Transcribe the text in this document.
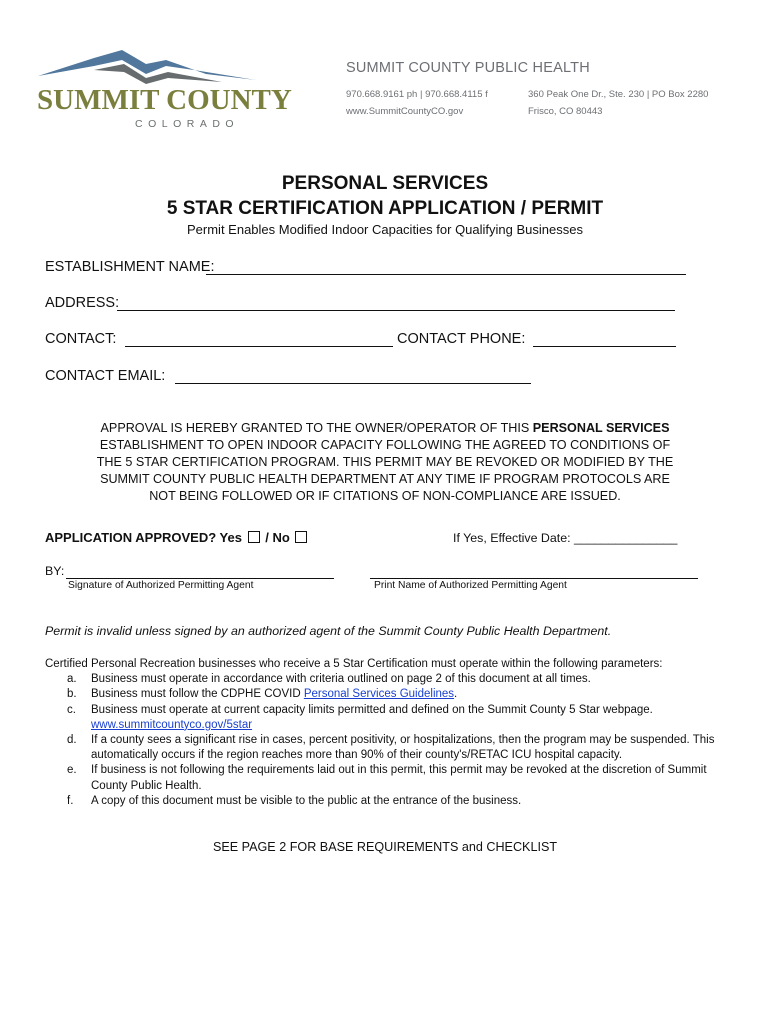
SUMMIT COUNTY
COLORADO
SUMMIT COUNTY PUBLIC HEALTH
970.668.9161 ph | 970.668.4115 f	360 Peak One Dr., Ste. 230 | PO Box 2280
www.SummitCountyCO.gov	Frisco, CO 80443
PERSONAL SERVICES
5 STAR CERTIFICATION APPLICATION / PERMIT
Permit Enables Modified Indoor Capacities for Qualifying Businesses
ESTABLISHMENT NAME:
ADDRESS:
CONTACT:	CONTACT PHONE:
CONTACT EMAIL:

APPROVAL IS HEREBY GRANTED TO THE OWNER/OPERATOR OF THIS PERSONAL SERVICES

ESTABLISHMENT TO OPEN INDOOR CAPACITY FOLLOWING THE AGREED TO CONDITIONS OF

THE 5 STAR CERTIFICATION PROGRAM. THIS PERMIT MAY BE REVOKED OR MODIFIED BY THE

SUMMIT COUNTY PUBLIC HEALTH DEPARTMENT AT ANY TIME IF PROGRAM PROTOCOLS ARE

NOT BEING FOLLOWED OR IF CITATIONS OF NON-COMPLIANCE ARE ISSUED.

APPLICATION APPROVED? Yes / No	If Yes, Effective Date: _______________
BY:
Signature of Authorized Permitting Agent	Print Name of Authorized Permitting Agent
Permit is invalid unless signed by an authorized agent of the Summit County Public Health Department.
Certified Personal Recreation businesses who receive a 5 Star Certification must operate within the following parameters:
a. Business must operate in accordance with criteria outlined on page 2 of this document at all times.
b. Business must follow the CDPHE COVID Personal Services Guidelines.
c. Business must operate at current capacity limits permitted and defined on the Summit County 5 Star webpage.
www.summitcountyco.gov/5star
d. If a county sees a significant rise in cases, percent positivity, or hospitalizations, then the program may be suspended. This automatically occurs if the region reaches more than 90% of their county's/RETAC ICU hospital capacity.
e. If business is not following the requirements laid out in this permit, this permit may be revoked at the discretion of Summit County Public Health.
f. A copy of this document must be visible to the public at the entrance of the business.
SEE PAGE 2 FOR BASE REQUIREMENTS and CHECKLIST
